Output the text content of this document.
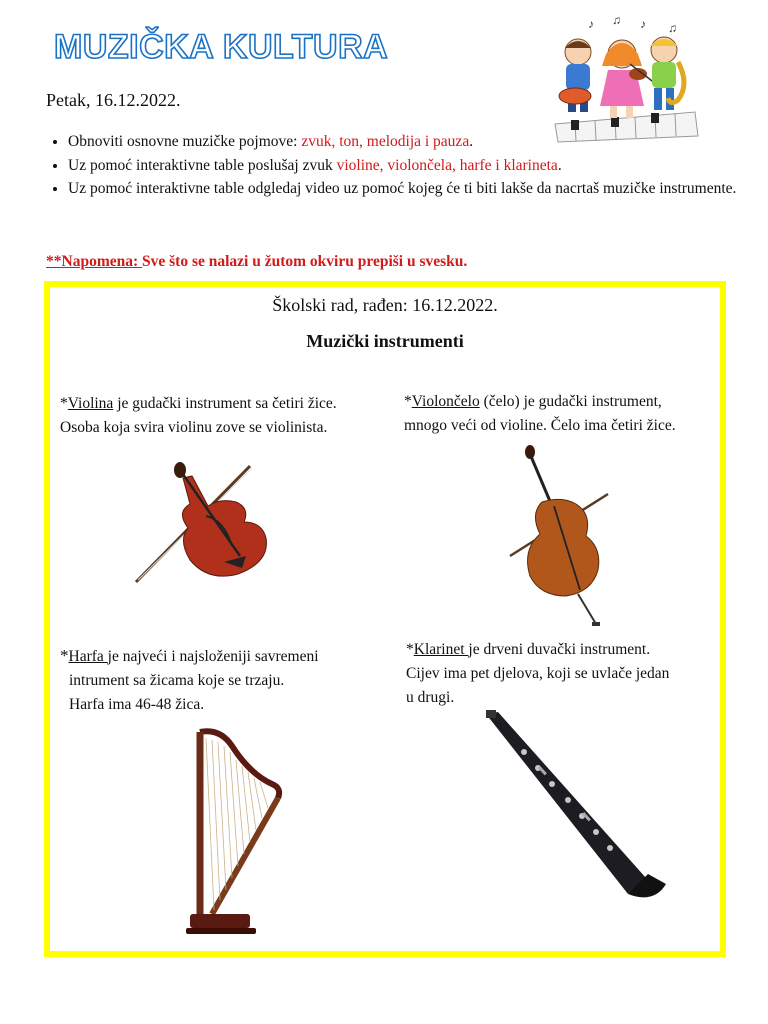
MUZIČKA KULTURA
Petak, 16.12.2022.
♪ ♫ ♪ ♫
• Obnoviti osnovne muzičke pojmove: zvuk, ton, melodija i pauza.
• Uz pomoć interaktivne table poslušaj zvuk violine, violončela, harfe i klarineta.
• Uz pomoć interaktivne table odgledaj video uz pomoć kojeg će ti biti lakše da nacrtaš muzičke instrumente.
**Napomena: Sve što se nalazi u žutom okviru prepiši u svesku.
Školski rad, rađen: 16.12.2022.
Muzički instrumenti
*Violina je gudački instrument sa četiri žice.
Osoba koja svira violinu zove se violinista.
*Violončelo (čelo) je gudački instrument,
mnogo veći od violine. Čelo ima četiri žice.
*Harfa je najveći i najsloženiji savremeni
intrument sa žicama koje se trzaju.
Harfa ima 46-48 žica.
*Klarinet je drveni duvački instrument.
Cijev ima pet djelova, koji se uvlače jedan
u drugi.
